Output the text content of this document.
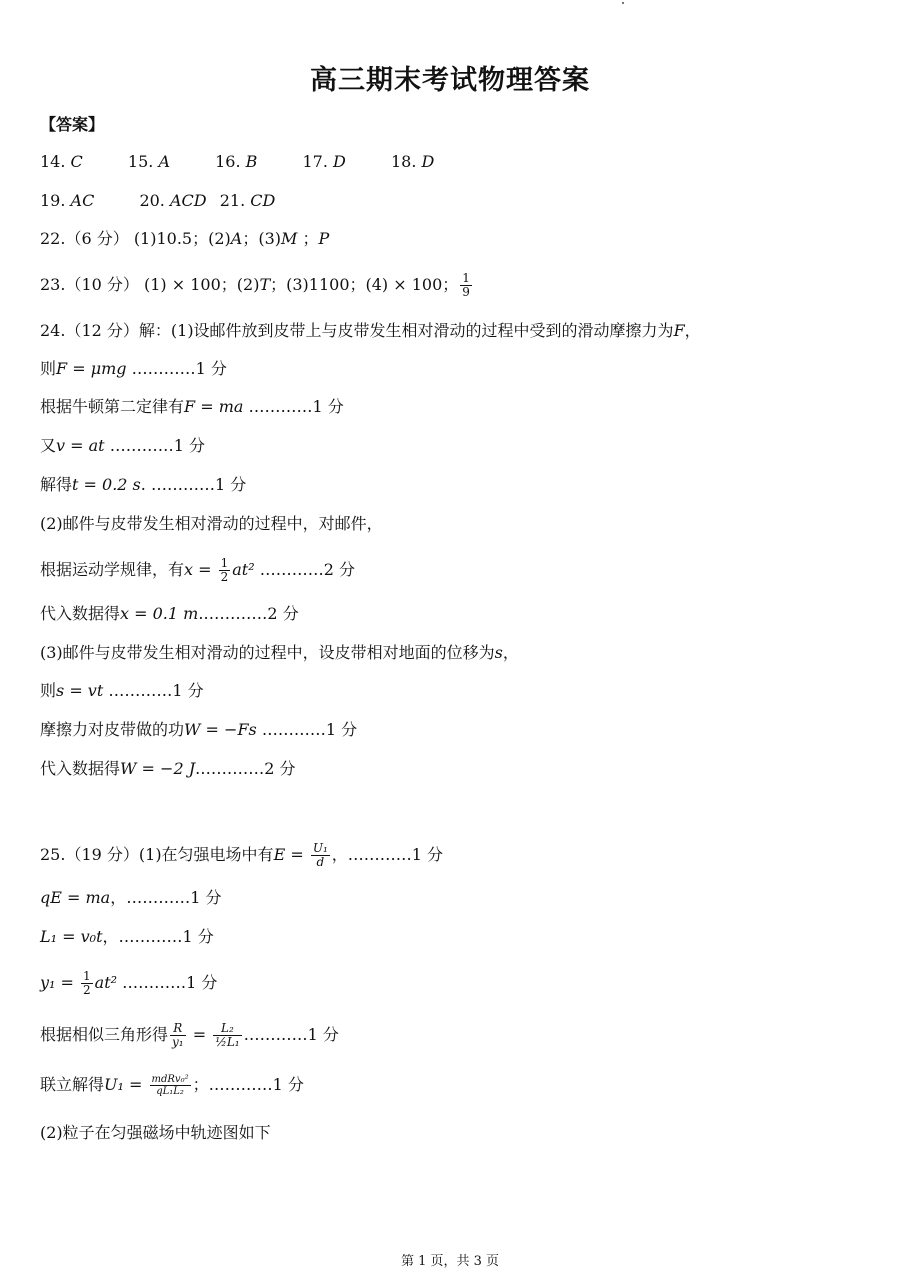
高三期末考试物理答案
【答案】
14. C	15. A	16. B	17. D	18. D
19. AC	20. ACD 21. CD
22.（6 分） (1)10.5；(2)A；(3)M ；P
23.（10 分） (1) × 100；(2)T；(3)1100；(4) × 100； $\frac{1}{9}$
24.（12 分）解：(1)设邮件放到皮带上与皮带发生相对滑动的过程中受到的滑动摩擦力为F，
则F = μmg …………1 分
根据牛顿第二定律有F = ma …………1 分
又v = at …………1 分
解得t = 0.2 s. …………1 分
(2)邮件与皮带发生相对滑动的过程中，对邮件，
根据运动学规律，有$x = \frac{1}{2} at^2$ …………2 分
代入数据得x = 0.1 m.…………2 分
(3)邮件与皮带发生相对滑动的过程中，设皮带相对地面的位移为s，
则s = vt …………1 分
摩擦力对皮带做的功W = −Fs …………1 分
代入数据得W = −2 J.…………2 分
25.（19 分）(1)在匀强电场中有$E = \frac{\text{U₁}}{d}$ ，…………1 分
qE = ma，…………1 分
L₁ = v₀t，…………1 分
$y_1 = \frac{1}{2} at^2$ …………1 分
根据相似三角形得 $\frac{R}{\text{y₁}} = \frac{\text{L₂}}{\text{½L₁}}$ …………1 分
联立解得$U_1 = \frac{\text{mdRv₀²}}{\text{qL₁L₂}}$ ；…………1 分
(2)粒子在匀强磁场中轨迹图如下
第 1 页，共 3 页
